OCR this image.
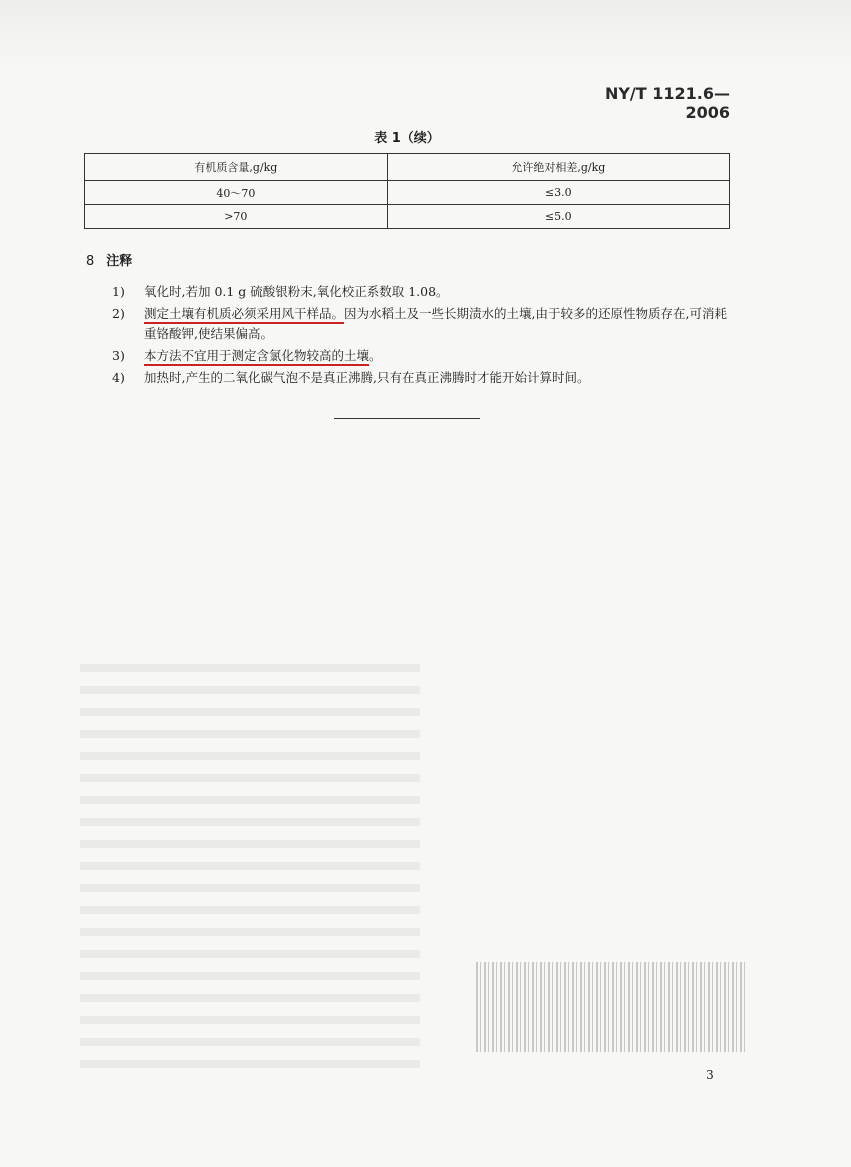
NY/T 1121.6—2006
表 1（续）
有机质含量,g/kg	允许绝对相差,g/kg
40～70	≤3.0
>70	≤5.0
8 注释
1)	氧化时,若加 0.1 g 硫酸银粉末,氧化校正系数取 1.08。
2)	测定土壤有机质必须采用风干样品。因为水稻土及一些长期渍水的土壤,由于较多的还原性物质存在,可消耗重铬酸钾,使结果偏高。
3)	本方法不宜用于测定含氯化物较高的土壤。
4)	加热时,产生的二氧化碳气泡不是真正沸腾,只有在真正沸腾时才能开始计算时间。
3
